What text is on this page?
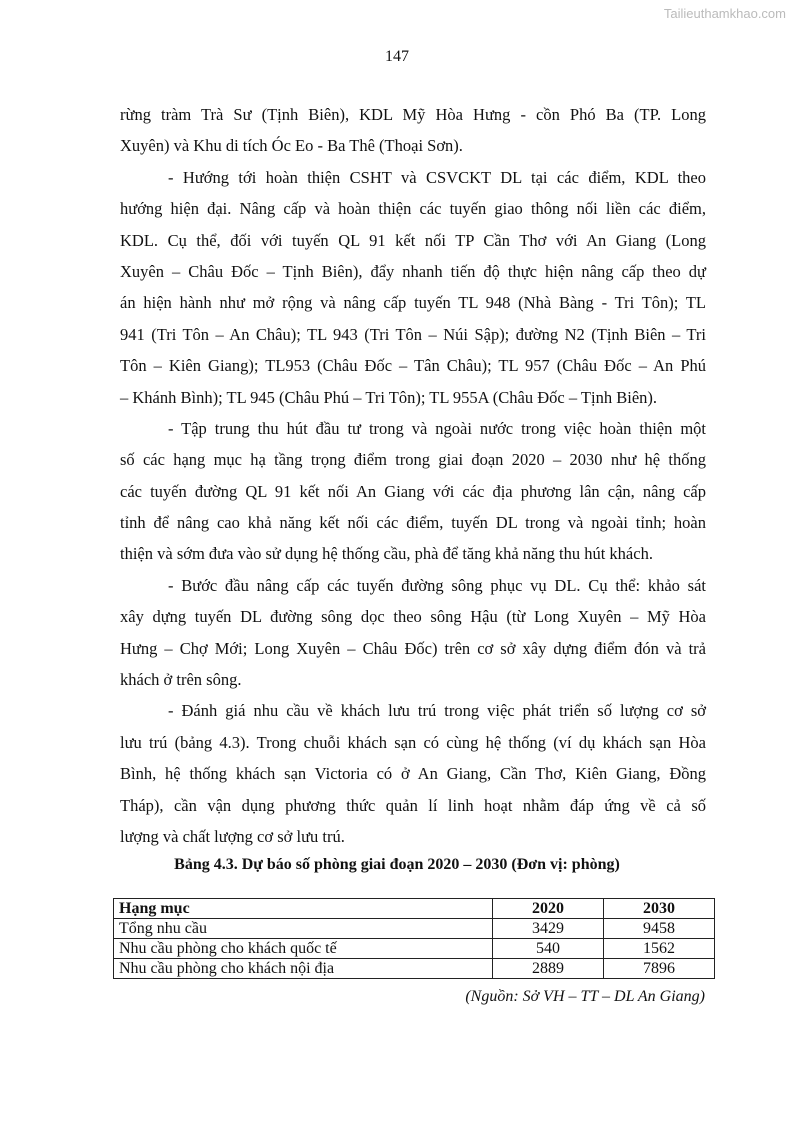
Tailieuthamkhao.com
147
rừng tràm Trà Sư (Tịnh Biên), KDL Mỹ Hòa Hưng - cồn Phó Ba (TP. Long
Xuyên) và Khu di tích Óc Eo - Ba Thê (Thoại Sơn).
- Hướng tới hoàn thiện CSHT và CSVCKT DL tại các điểm, KDL theo
hướng hiện đại. Nâng cấp và hoàn thiện các tuyến giao thông nối liền các điểm,
KDL. Cụ thể, đối với tuyến QL 91 kết nối TP Cần Thơ với An Giang (Long
Xuyên – Châu Đốc – Tịnh Biên), đẩy nhanh tiến độ thực hiện nâng cấp theo dự
án hiện hành như mở rộng và nâng cấp tuyến TL 948 (Nhà Bàng - Tri Tôn); TL
941 (Tri Tôn – An Châu); TL 943 (Tri Tôn – Núi Sập); đường N2 (Tịnh Biên – Tri
Tôn – Kiên Giang); TL953 (Châu Đốc – Tân Châu); TL 957 (Châu Đốc – An Phú
– Khánh Bình); TL 945 (Châu Phú – Tri Tôn); TL 955A (Châu Đốc – Tịnh Biên).
- Tập trung thu hút đầu tư trong và ngoài nước trong việc hoàn thiện một
số các hạng mục hạ tầng trọng điểm trong giai đoạn 2020 – 2030 như hệ thống
các tuyến đường QL 91 kết nối An Giang với các địa phương lân cận, nâng cấp
tỉnh để nâng cao khả năng kết nối các điểm, tuyến DL trong và ngoài tỉnh; hoàn
thiện và sớm đưa vào sử dụng hệ thống cầu, phà để tăng khả năng thu hút khách.
- Bước đầu nâng cấp các tuyến đường sông phục vụ DL. Cụ thể: khảo sát
xây dựng tuyến DL đường sông dọc theo sông Hậu (từ Long Xuyên – Mỹ Hòa
Hưng – Chợ Mới; Long Xuyên – Châu Đốc) trên cơ sở xây dựng điểm đón và trả
khách ở trên sông.
- Đánh giá nhu cầu về khách lưu trú trong việc phát triển số lượng cơ sở
lưu trú (bảng 4.3). Trong chuỗi khách sạn có cùng hệ thống (ví dụ khách sạn Hòa
Bình, hệ thống khách sạn Victoria có ở An Giang, Cần Thơ, Kiên Giang, Đồng
Tháp), cần vận dụng phương thức quản lí linh hoạt nhằm đáp ứng về cả số
lượng và chất lượng cơ sở lưu trú.
Bảng 4.3. Dự báo số phòng giai đoạn 2020 – 2030 (Đơn vị: phòng)
Hạng mục	2020	2030
Tổng nhu cầu	3429	9458
Nhu cầu phòng cho khách quốc tế	540	1562
Nhu cầu phòng cho khách nội địa	2889	7896
(Nguồn: Sở VH – TT – DL An Giang)
